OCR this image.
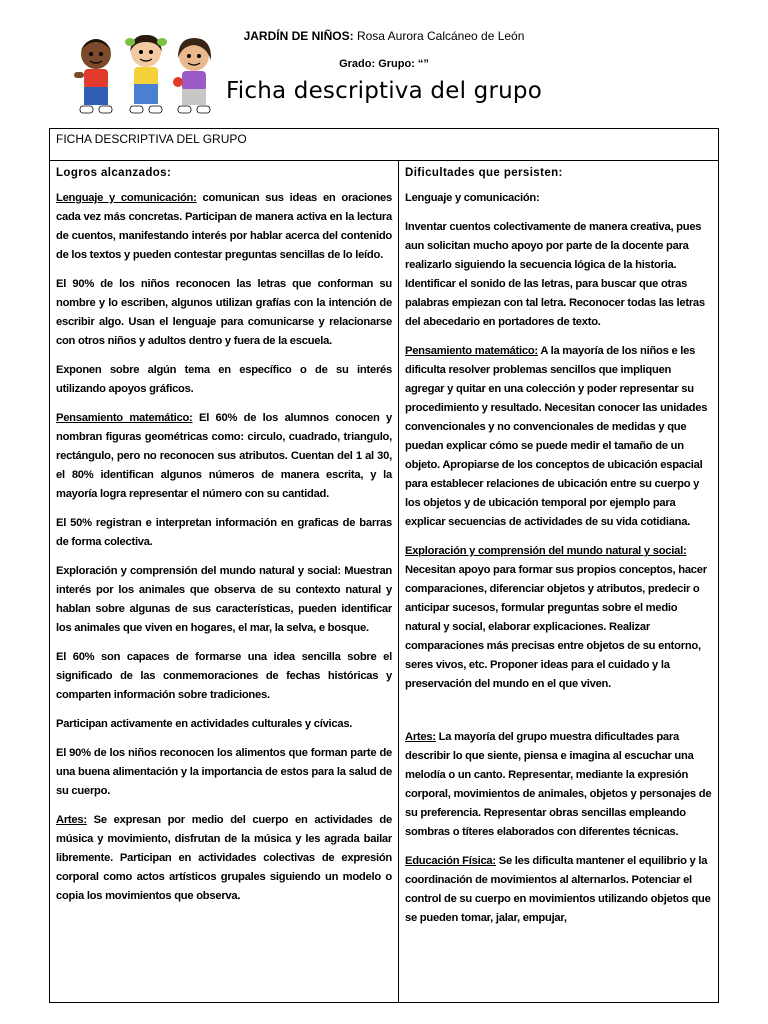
JARDÍN DE NIÑOS: Rosa Aurora Calcáneo de León
Grado: Grupo: “”
Ficha descriptiva del grupo
FICHA DESCRIPTIVA DEL GRUPO

Logros alcanzados:

Lenguaje y comunicación: comunican sus ideas en oraciones cada vez más concretas. Participan de manera activa en la lectura de cuentos, manifestando interés por hablar acerca del contenido de los textos y pueden contestar preguntas sencillas de lo leído.

El 90% de los niños reconocen las letras que conforman su nombre y lo escriben, algunos utilizan grafías con la intención de escribir algo. Usan el lenguaje para comunicarse y relacionarse con otros niños y adultos dentro y fuera de la escuela.

Exponen sobre algún tema en específico o de su interés utilizando apoyos gráficos.

Pensamiento matemático: El 60% de los alumnos conocen y nombran figuras geométricas como: circulo, cuadrado, triangulo, rectángulo, pero no reconocen sus atributos. Cuentan del 1 al 30, el 80% identifican algunos números de manera escrita, y la mayoría logra representar el número con su cantidad.

El 50% registran e interpretan información en graficas de barras de forma colectiva.

Exploración y comprensión del mundo natural y social: Muestran interés por los animales que observa de su contexto natural y hablan sobre algunas de sus características, pueden identificar los animales que viven en hogares, el mar, la selva, e bosque.

El 60% son capaces de formarse una idea sencilla sobre el significado de las conmemoraciones de fechas históricas y comparten información sobre tradiciones.

Participan activamente en actividades culturales y cívicas.

El 90% de los niños reconocen los alimentos que forman parte de una buena alimentación y la importancia de estos para la salud de su cuerpo.

Artes: Se expresan por medio del cuerpo en actividades de música y movimiento, disfrutan de la música y les agrada bailar libremente. Participan en actividades colectivas de expresión corporal como actos artísticos grupales siguiendo un modelo o copia los movimientos que observa.

Dificultades que persisten:

Lenguaje y comunicación:

Inventar cuentos colectivamente de manera creativa, pues aun solicitan mucho apoyo por parte de la docente para realizarlo siguiendo la secuencia lógica de la historia. Identificar el sonido de las letras, para buscar que otras palabras empiezan con tal letra. Reconocer todas las letras del abecedario en portadores de texto.

Pensamiento matemático: A la mayoría de los niños e les dificulta resolver problemas sencillos que impliquen agregar y quitar en una colección y poder representar su procedimiento y resultado. Necesitan conocer las unidades convencionales y no convencionales de medidas y que puedan explicar cómo se puede medir el tamaño de un objeto. Apropiarse de los conceptos de ubicación espacial para establecer relaciones de ubicación entre su cuerpo y los objetos y de ubicación temporal por ejemplo para explicar secuencias de actividades de su vida cotidiana.

Exploración y comprensión del mundo natural y social: Necesitan apoyo para formar sus propios conceptos, hacer comparaciones, diferenciar objetos y atributos, predecir o anticipar sucesos, formular preguntas sobre el medio natural y social, elaborar explicaciones. Realizar comparaciones más precisas entre objetos de su entorno, seres vivos, etc. Proponer ideas para el cuidado y la preservación del mundo en el que viven.

Artes: La mayoría del grupo muestra dificultades para describir lo que siente, piensa e imagina al escuchar una melodía o un canto. Representar, mediante la expresión corporal, movimientos de animales, objetos y personajes de su preferencia. Representar obras sencillas empleando sombras o títeres elaborados con diferentes técnicas.

Educación Física: Se les dificulta mantener el equilibrio y la coordinación de movimientos al alternarlos. Potenciar el control de su cuerpo en movimientos utilizando objetos que se pueden tomar, jalar, empujar,
